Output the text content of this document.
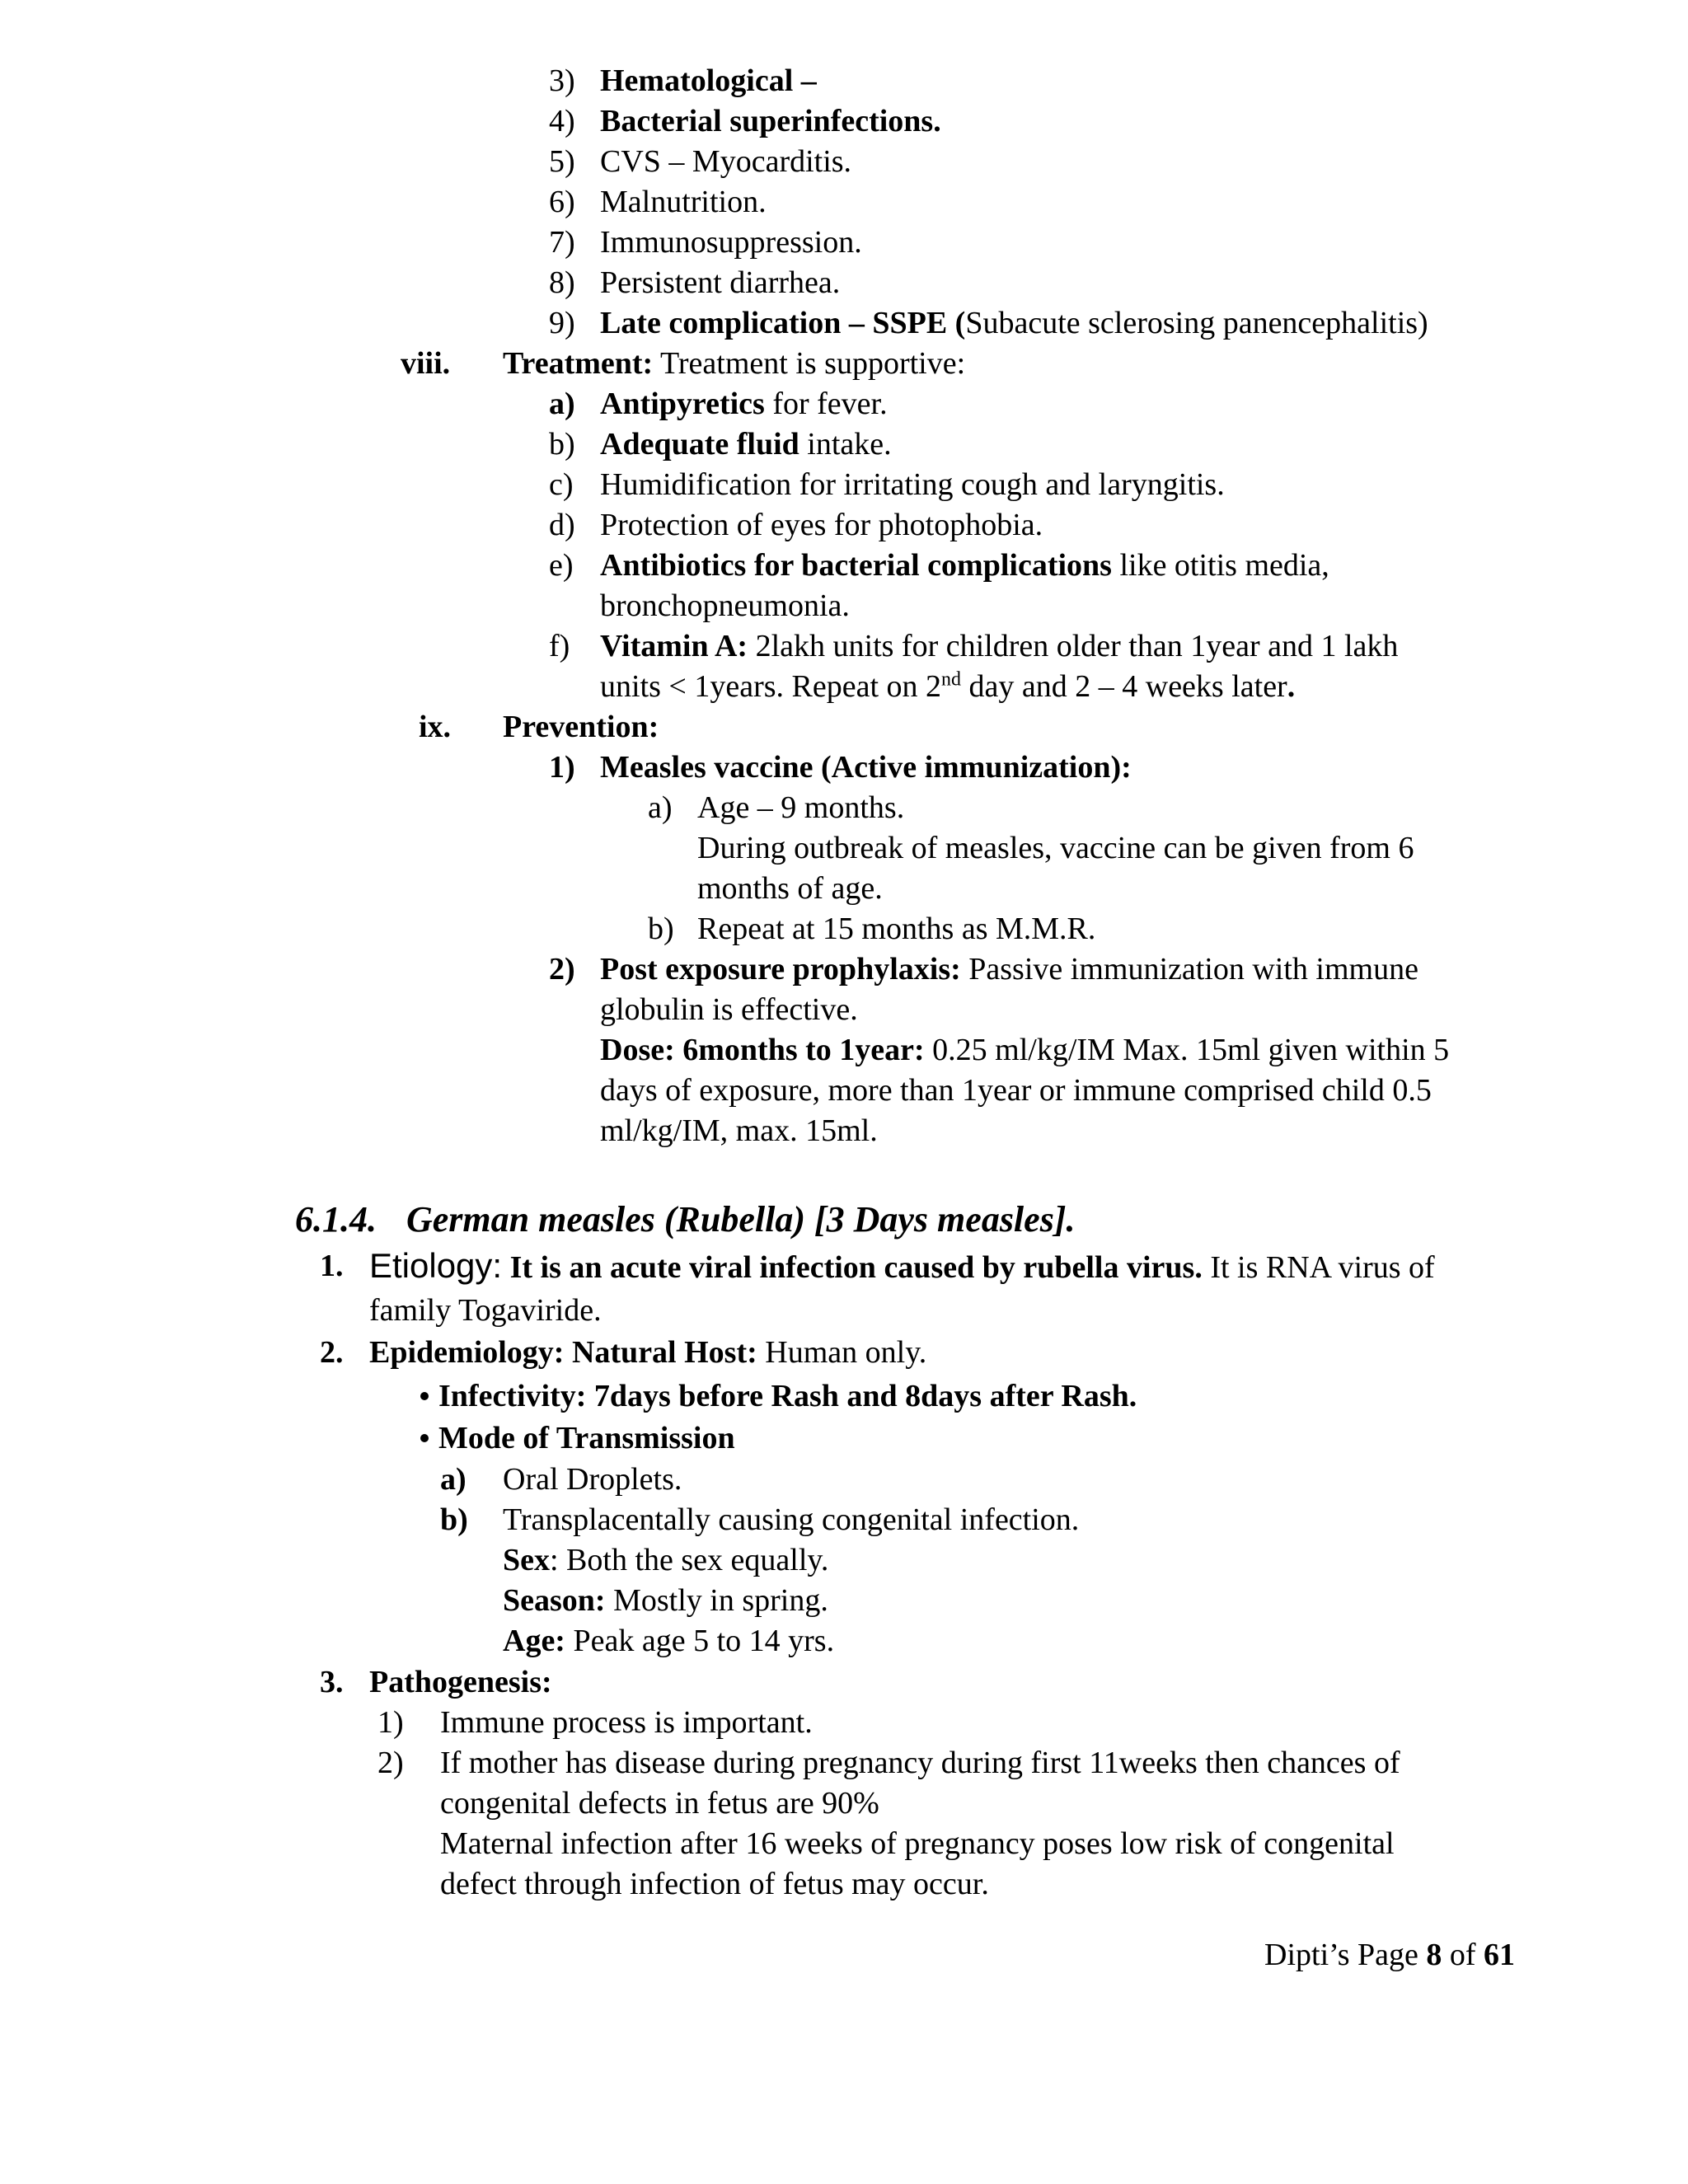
3) Hematological –
4) Bacterial superinfections.
5) CVS – Myocarditis.
6) Malnutrition.
7) Immunosuppression.
8) Persistent diarrhea.
9) Late complication – SSPE (Subacute sclerosing panencephalitis)
viii. Treatment: Treatment is supportive:
a) Antipyretics for fever.
b) Adequate fluid intake.
c) Humidification for irritating cough and laryngitis.
d) Protection of eyes for photophobia.
e) Antibiotics for bacterial complications like otitis media,
bronchopneumonia.
f) Vitamin A: 2lakh units for children older than 1year and 1 lakh
units < 1years. Repeat on 2nd day and 2 – 4 weeks later.
ix. Prevention:
1) Measles vaccine (Active immunization):
a) Age – 9 months.
During outbreak of measles, vaccine can be given from 6
months of age.
b) Repeat at 15 months as M.M.R.
2) Post exposure prophylaxis: Passive immunization with immune
globulin is effective.
Dose: 6months to 1year: 0.25 ml/kg/IM Max. 15ml given within 5
days of exposure, more than 1year or immune comprised child 0.5
ml/kg/IM, max. 15ml.
6.1.4. German measles (Rubella) [3 Days measles].
1. Etiology: It is an acute viral infection caused by rubella virus. It is RNA virus of
family Togaviride.
2. Epidemiology: Natural Host: Human only.
Infectivity: 7days before Rash and 8days after Rash.
Mode of Transmission
a) Oral Droplets.
b) Transplacentally causing congenital infection.
Sex: Both the sex equally.
Season: Mostly in spring.
Age: Peak age 5 to 14 yrs.
3. Pathogenesis:
1) Immune process is important.
2) If mother has disease during pregnancy during first 11weeks then chances of
congenital defects in fetus are 90%
Maternal infection after 16 weeks of pregnancy poses low risk of congenital
defect through infection of fetus may occur.
Dipti’s Page 8 of 61
